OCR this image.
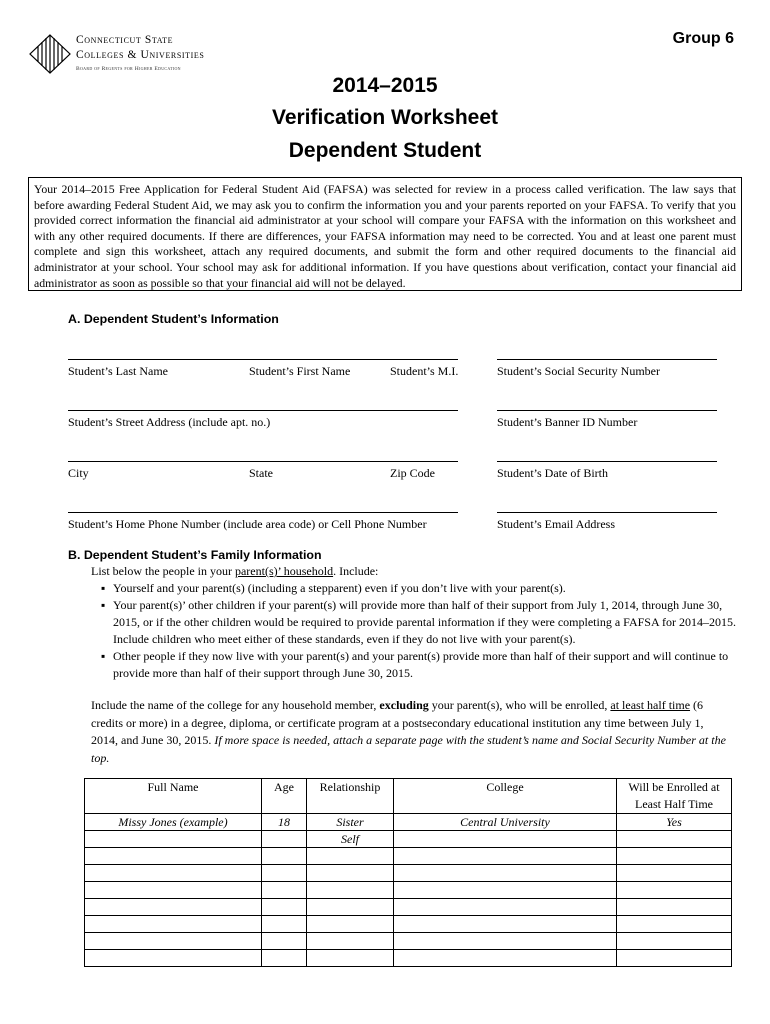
Connecticut State
Colleges & Universities
Board of Regents for Higher Education
Group 6
2014–2015
Verification Worksheet
Dependent Student
Your 2014–2015 Free Application for Federal Student Aid (FAFSA) was selected for review in a process called verification. The law says that before awarding Federal Student Aid, we may ask you to confirm the information you and your parents reported on your FAFSA. To verify that you provided correct information the financial aid administrator at your school will compare your FAFSA with the information on this worksheet and with any other required documents. If there are differences, your FAFSA information may need to be corrected. You and at least one parent must complete and sign this worksheet, attach any required documents, and submit the form and other required documents to the financial aid administrator at your school. Your school may ask for additional information. If you have questions about verification, contact your financial aid administrator as soon as possible so that your financial aid will not be delayed.
A. Dependent Student’s Information
Student’s Last Name	Student’s First Name	Student’s M.I.	Student’s Social Security Number
Student’s Street Address (include apt. no.)	Student’s Banner ID Number
City	State	Zip Code	Student’s Date of Birth
Student’s Home Phone Number (include area code) or Cell Phone Number	Student’s Email Address
B. Dependent Student’s Family Information
List below the people in your parent(s)’ household. Include:
▪ Yourself and your parent(s) (including a stepparent) even if you don’t live with your parent(s).
▪ Your parent(s)’ other children if your parent(s) will provide more than half of their support from July 1, 2014, through June 30, 2015, or if the other children would be required to provide parental information if they were completing a FAFSA for 2014–2015. Include children who meet either of these standards, even if they do not live with your parent(s).
▪ Other people if they now live with your parent(s) and your parent(s) provide more than half of their support and will continue to provide more than half of their support through June 30, 2015.
Include the name of the college for any household member, excluding your parent(s), who will be enrolled, at least half time (6 credits or more) in a degree, diploma, or certificate program at a postsecondary educational institution any time between July 1, 2014, and June 30, 2015. If more space is needed, attach a separate page with the student’s name and Social Security Number at the top.
Full Name	Age	Relationship	College	Will be Enrolled at Least Half Time
Missy Jones (example)	18	Sister	Central University	Yes
		Self		
